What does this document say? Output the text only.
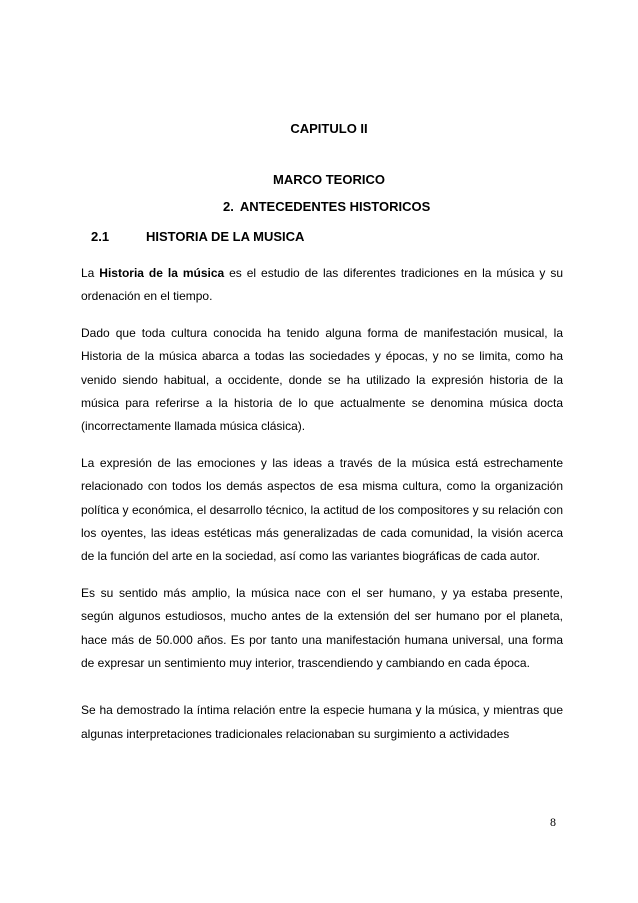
CAPITULO II
MARCO TEORICO
2. ANTECEDENTES HISTORICOS
2.1	HISTORIA DE LA MUSICA

La Historia de la música es el estudio de las diferentes tradiciones en la música y su ordenación en el tiempo.

Dado que toda cultura conocida ha tenido alguna forma de manifestación musical, la Historia de la música abarca a todas las sociedades y épocas, y no se limita, como ha venido siendo habitual, a occidente, donde se ha utilizado la expresión historia de la música para referirse a la historia de lo que actualmente se denomina música docta (incorrectamente llamada música clásica).

La expresión de las emociones y las ideas a través de la música está estrechamente relacionado con todos los demás aspectos de esa misma cultura, como la organización política y económica, el desarrollo técnico, la actitud de los compositores y su relación con los oyentes, las ideas estéticas más generalizadas de cada comunidad, la visión acerca de la función del arte en la sociedad, así como las variantes biográficas de cada autor.

Es su sentido más amplio, la música nace con el ser humano, y ya estaba presente, según algunos estudiosos, mucho antes de la extensión del ser humano por el planeta, hace más de 50.000 años. Es por tanto una manifestación humana universal, una forma de expresar un sentimiento muy interior, trascendiendo y cambiando en cada época.

Se ha demostrado la íntima relación entre la especie humana y la música, y mientras que algunas interpretaciones tradicionales relacionaban su surgimiento a actividades

8
